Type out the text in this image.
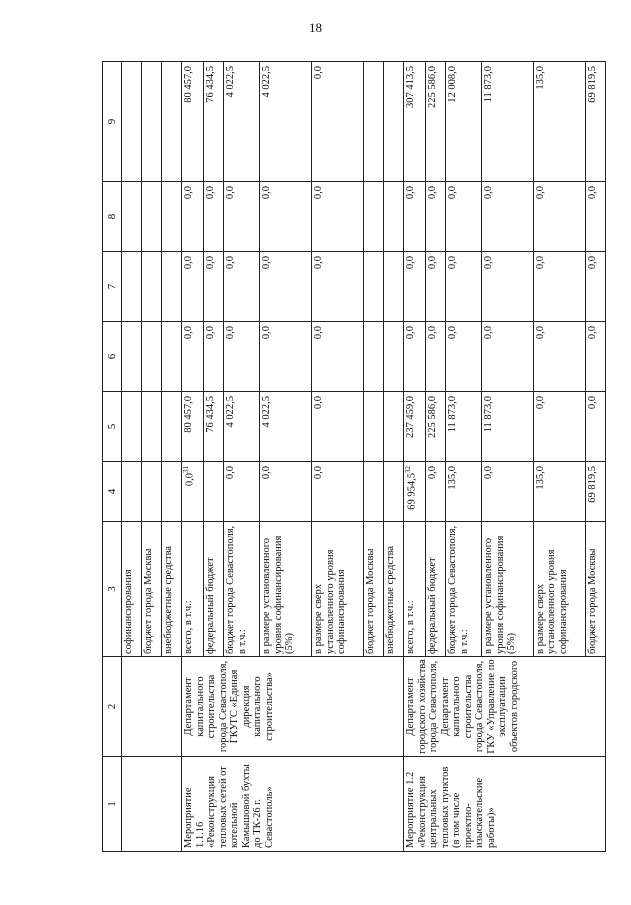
18
1	2	3	4	5	6	7	8	9
		софинансирования						
		бюджет города Москвы						
		внебюджетные средства						
Мероприятие 1.1.16 «Реконструкция тепловых сетей от котельной Камышовой бухты до ТК-26 г. Севастополь»	Департамент капитального строительства города Севастополя, ГКУГС «Единая дирекция капитального строительства»	всего, в т.ч.:	$0,0^{31}$	80 457,0	0,0	0,0	0,0	80 457,0
		федеральный бюджет		76 434,5	0,0	0,0	0,0	76 434,5
		бюджет города Севастополя, в т.ч.:	0,0	4 022,5	0,0	0,0	0,0	4 022,5
		в размере установленного уровня софинансирования (5%)	0,0	4 022,5	0,0	0,0	0,0	4 022,5
		в размере сверх установленного уровня софинансирования	0,0	0,0	0,0	0,0	0,0	0,0
		бюджет города Москвы						
		внебюджетные средства						
Мероприятие 1.2 «Реконструкция центральных тепловых пунктов (в том числе проектно-изыскательские работы)»	Департамент городского хозяйства города Севастополя, Департамент капитального строительства города Севастополя, ГКУ «Управление по эксплуатации объектов городского	всего, в т.ч.:	69 954,5$^{32}$	237 459,0	0,0	0,0	0,0	307 413,5
		федеральный бюджет	0,0	225 586,0	0,0	0,0	0,0	225 586,0
		бюджет города Севастополя, в т.ч.:	135,0	11 873,0	0,0	0,0	0,0	12 008,0
		в размере установленного уровня софинансирования (5%)	0,0	11 873,0	0,0	0,0	0,0	11 873,0
		в размере сверх установленного уровня софинансирования	135,0	0,0	0,0	0,0	0,0	135,0
		бюджет города Москвы	69 819,5	0,0	0,0	0,0	0,0	69 819,5
